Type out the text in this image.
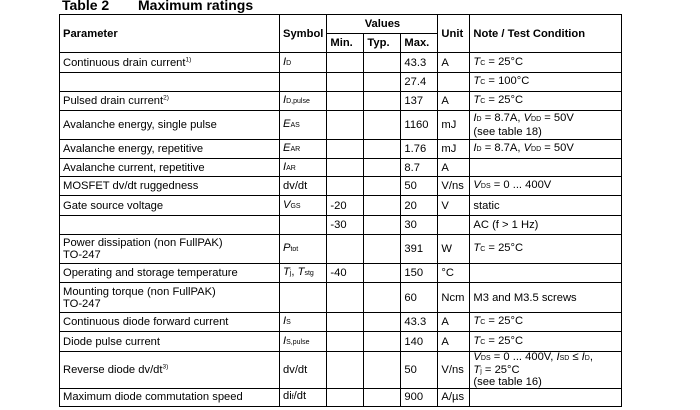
Table 2 Maximum ratings
Parameter	Symbol	Values			Unit	Note / Test Condition
		Min.	Typ.	Max.		
Continuous drain current$^{1)}$	ID			43.3	A	TC = 25°C
				27.4		TC = 100°C
Pulsed drain current$^{2)}$	ID,pulse			137	A	TC = 25°C
Avalanche energy, single pulse	EAS			1160	mJ	ID = 8.7A, VDD = 50V
(see table 18)
Avalanche energy, repetitive	EAR			1.76	mJ	ID = 8.7A, VDD = 50V
Avalanche current, repetitive	IAR			8.7	A	
MOSFET dv/dt ruggedness	dv/dt			50	V/ns	VDS = 0 ... 400V
Gate source voltage	VGS	-20		20	V	static
		-30		30		AC (f > 1 Hz)
Power dissipation (non FullPAK)
TO-247	Ptot			391	W	TC = 25°C
Operating and storage temperature	Tj, Tstg	-40		150	°C	
Mounting torque (non FullPAK)
TO-247				60	Ncm	M3 and M3.5 screws
Continuous diode forward current	IS			43.3	A	TC = 25°C
Diode pulse current	IS,pulse			140	A	TC = 25°C
Reverse diode $dv/dt^{3)}$	dv/dt			50	V/ns	VDS = 0 ... 400V, ISD ≤ ID,
Tj = 25°C
(see table 16)
Maximum diode commutation speed	dif/dt			900	A/µs	
